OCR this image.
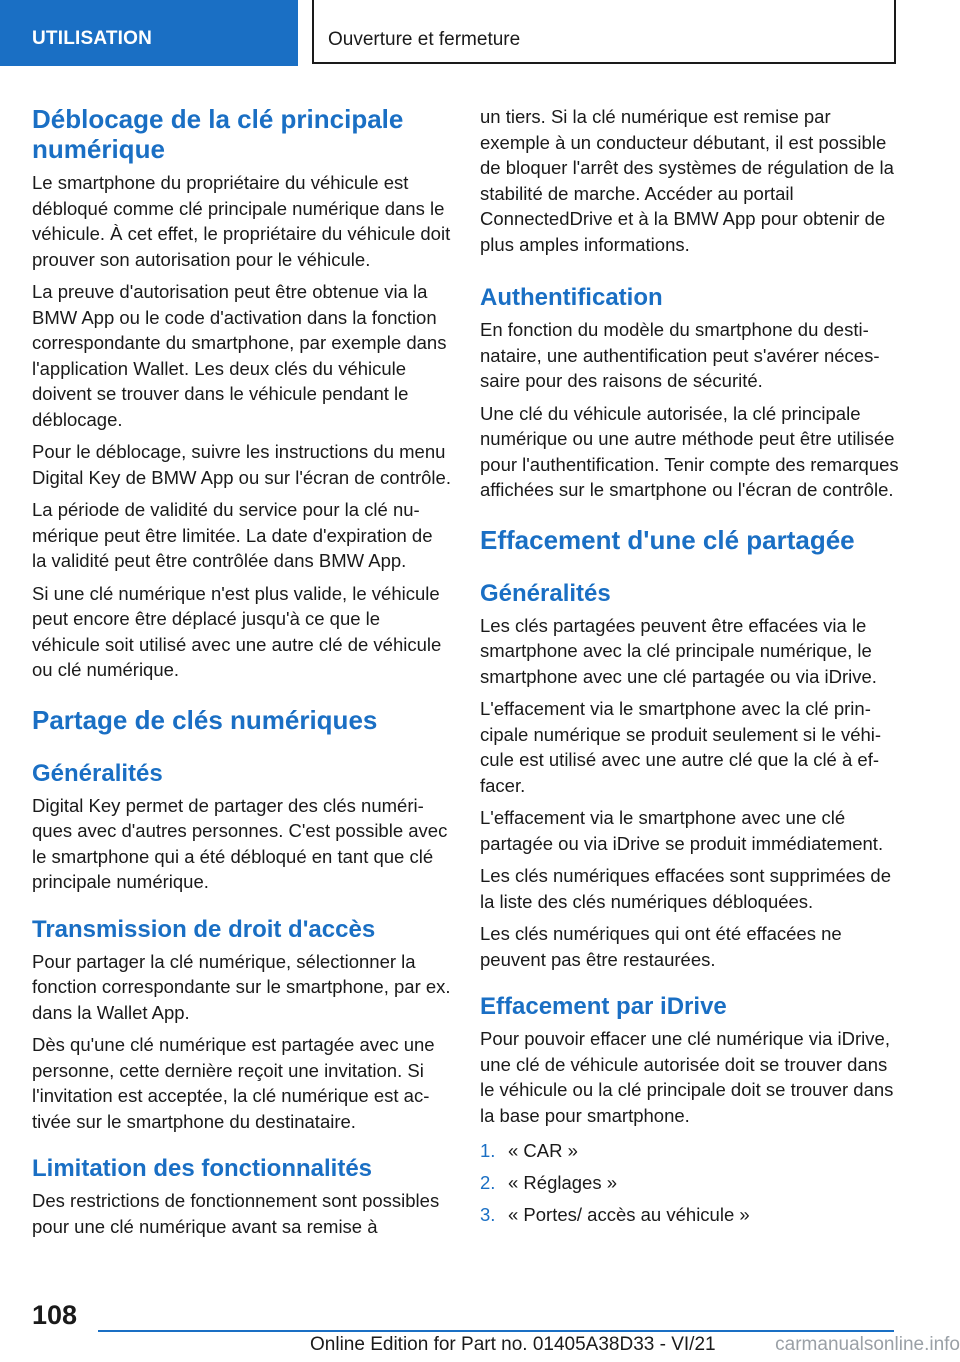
UTILISATION	Ouverture et fermeture
Déblocage de la clé principale numérique

Le smartphone du propriétaire du véhicule est débloqué comme clé principale numérique dans le véhicule. À cet effet, le propriétaire du véhicule doit prouver son autorisation pour le véhicule.

La preuve d'autorisation peut être obtenue via la BMW App ou le code d'activation dans la fonction correspondante du smartphone, par exemple dans l'application Wallet. Les deux clés du véhicule doivent se trouver dans le véhicule pendant le déblocage.

Pour le déblocage, suivre les instructions du menu Digital Key de BMW App ou sur l'écran de contrôle.

La période de validité du service pour la clé numérique peut être limitée. La date d'expiration de la validité peut être contrôlée dans BMW App.

Si une clé numérique n'est plus valide, le véhicule peut encore être déplacé jusqu'à ce que le véhicule soit utilisé avec une autre clé de véhicule ou clé numérique.

Partage de clés numériques
Généralités

Digital Key permet de partager des clés numériques avec d'autres personnes. C'est possible avec le smartphone qui a été débloqué en tant que clé principale numérique.

Transmission de droit d'accès

Pour partager la clé numérique, sélectionner la fonction correspondante sur le smartphone, par ex. dans la Wallet App.

Dès qu'une clé numérique est partagée avec une personne, cette dernière reçoit une invitation. Si l'invitation est acceptée, la clé numérique est activée sur le smartphone du destinataire.

Limitation des fonctionnalités

Des restrictions de fonctionnement sont possibles pour une clé numérique avant sa remise à

un tiers. Si la clé numérique est remise par exemple à un conducteur débutant, il est possible de bloquer l'arrêt des systèmes de régulation de la stabilité de marche. Accéder au portail ConnectedDrive et à la BMW App pour obtenir de plus amples informations.

Authentification

En fonction du modèle du smartphone du destinataire, une authentification peut s'avérer nécessaire pour des raisons de sécurité.

Une clé du véhicule autorisée, la clé principale numérique ou une autre méthode peut être utilisée pour l'authentification. Tenir compte des remarques affichées sur le smartphone ou l'écran de contrôle.

Effacement d'une clé partagée
Généralités

Les clés partagées peuvent être effacées via le smartphone avec la clé principale numérique, le smartphone avec une clé partagée ou via iDrive.

L'effacement via le smartphone avec la clé principale numérique se produit seulement si le véhicule est utilisé avec une autre clé que la clé à effacer.

L'effacement via le smartphone avec une clé partagée ou via iDrive se produit immédiatement.

Les clés numériques effacées sont supprimées de la liste des clés numériques débloquées.

Les clés numériques qui ont été effacées ne peuvent pas être restaurées.

Effacement par iDrive

Pour pouvoir effacer une clé numérique via iDrive, une clé de véhicule autorisée doit se trouver dans le véhicule ou la clé principale doit se trouver dans la base pour smartphone.

1. « CAR »
2. « Réglages »
3. « Portes/ accès au véhicule »
108
Online Edition for Part no. 01405A38D33 - VI/21	carmanualsonline.info
